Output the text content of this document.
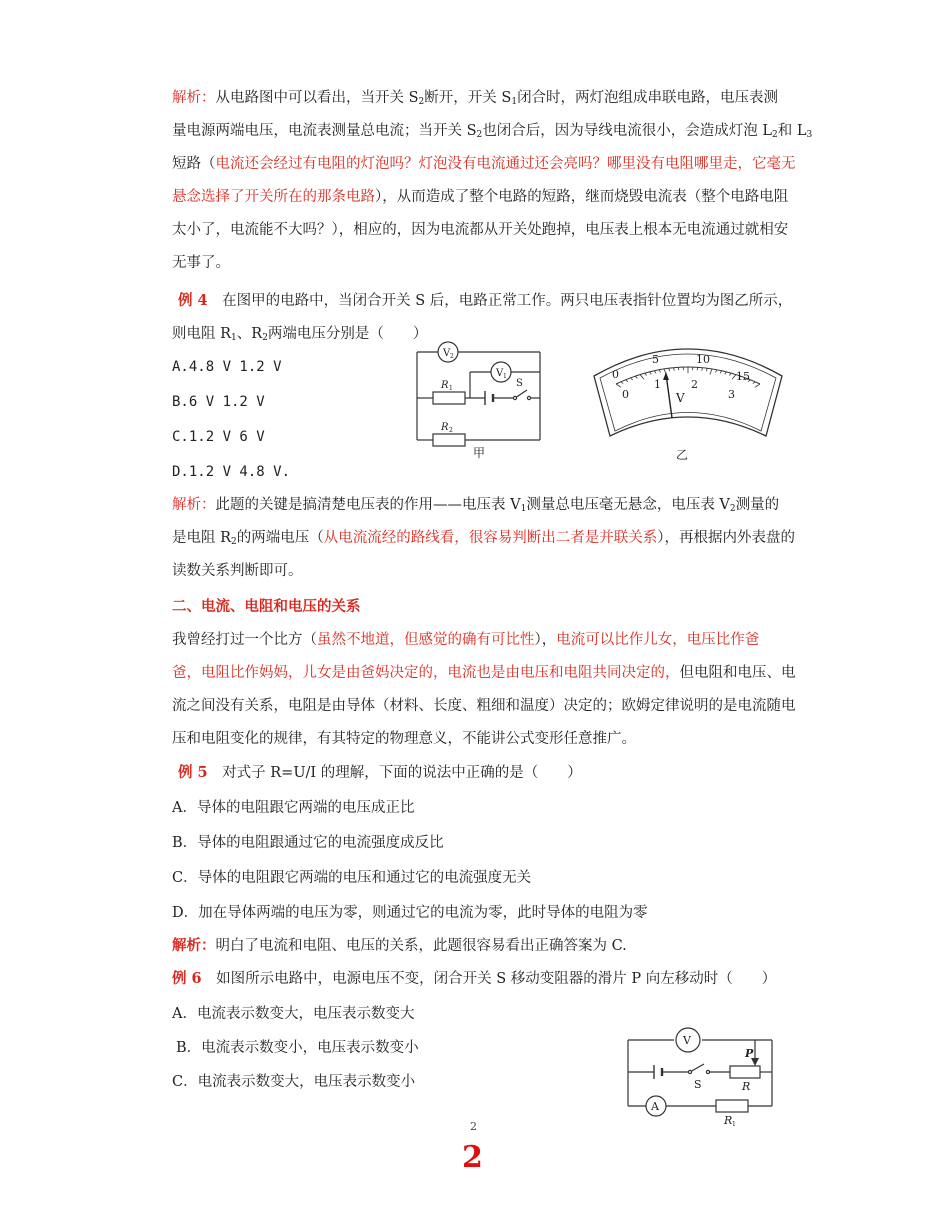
解析：从电路图中可以看出，当开关 $S_2$断开，开关 $S_1$闭合时，两灯泡组成串联电路，电压表测
量电源两端电压，电流表测量总电流；当开关 $S_2$也闭合后，因为导线电流很小，会造成灯泡 $L_2$和 $L_3$
短路（电流还会经过有电阻的灯泡吗？灯泡没有电流通过还会亮吗？哪里没有电阻哪里走，它毫无
悬念选择了开关所在的那条电路），从而造成了整个电路的短路，继而烧毁电流表（整个电路电阻
太小了，电流能不大吗？），相应的，因为电流都从开关处跑掉，电压表上根本无电流通过就相安
无事了。
例 4　 在图甲的电路中，当闭合开关 S 后，电路正常工作。两只电压表指针位置均为图乙所示，
则电阻 $R_1$、$R_2$两端电压分别是（　　）
A.4.8 V 1.2 V
B.6 V 1.2 V
C.1.2 V 6 V
D.1.2 V 4.8 V.
V 2
V 1
R 1
R 2
S
甲
0
5	10
15
0
1	2
3
V
乙
解析：此题的关键是搞清楚电压表的作用——电压表 $V_1$测量总电压毫无悬念，电压表 $V_2$测量的
是电阻 $R_2$的两端电压（从电流流经的路线看，很容易判断出二者是并联关系），再根据内外表盘的
读数关系判断即可。
二、电流、电阻和电压的关系
我曾经打过一个比方（虽然不地道，但感觉的确有可比性），电流可以比作儿女，电压比作爸
爸，电阻比作妈妈，儿女是由爸妈决定的，电流也是由电压和电阻共同决定的，但电阻和电压、电
流之间没有关系，电阻是由导体（材料、长度、粗细和温度）决定的；欧姆定律说明的是电流随电
压和电阻变化的规律，有其特定的物理意义，不能讲公式变形任意推广。
例 5　 对式子 R=U/I 的理解，下面的说法中正确的是（　　）
A．导体的电阻跟它两端的电压成正比
B．导体的电阻跟通过它的电流强度成反比
C．导体的电阻跟它两端的电压和通过它的电流强度无关
D．加在导体两端的电压为零，则通过它的电流为零，此时导体的电阻为零
解析：明白了电流和电阻、电压的关系，此题很容易看出正确答案为 C.
例 6　 如图所示电路中，电源电压不变，闭合开关 S 移动变阻器的滑片 P 向左移动时（　　）
A．电流表示数变大，电压表示数变大
B．电流表示数变小，电压表示数变小
C．电流表示数变大，电压表示数变小
V
A
P
R
S
R 1
2
2
